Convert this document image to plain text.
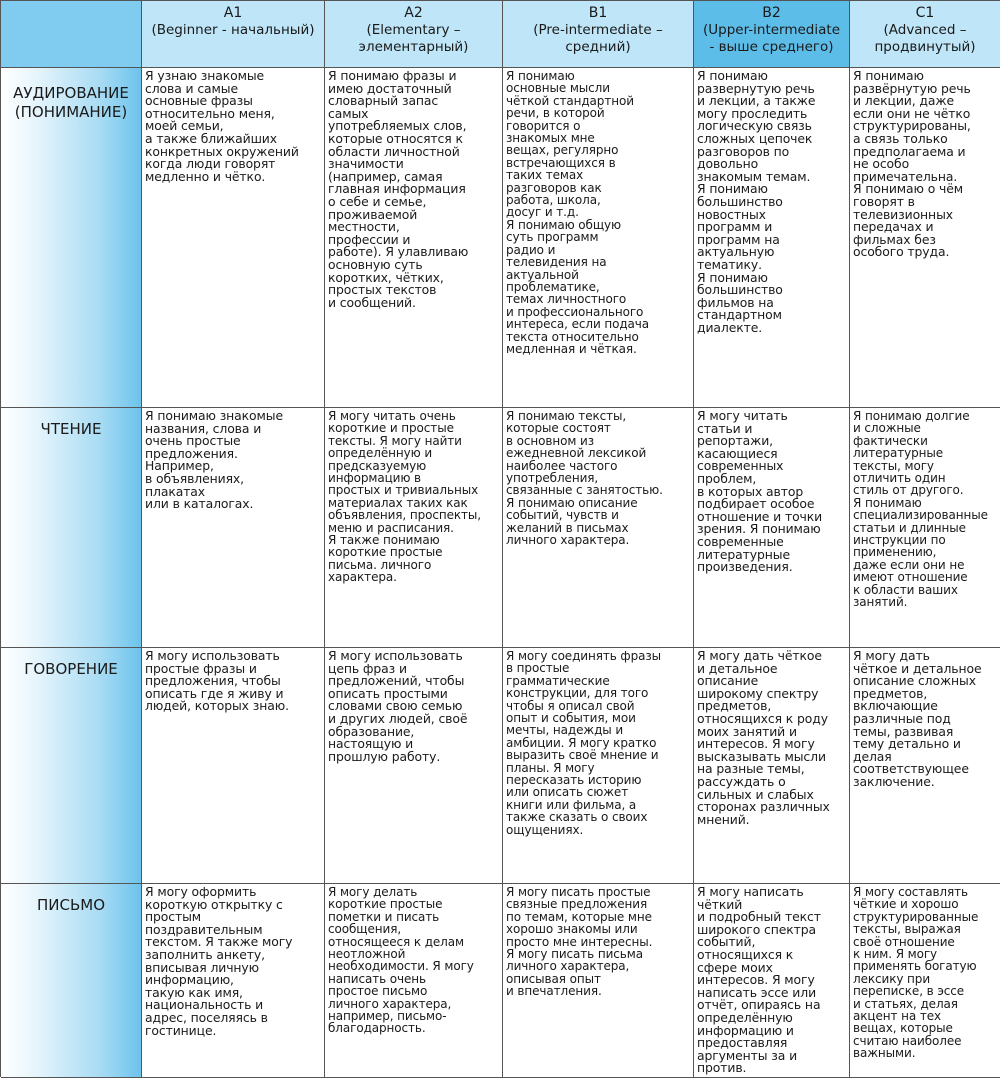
A1
(Beginner - начальный)
A2
(Elementary –
элементарный)
B1
(Pre-intermediate –
средний)
B2
(Upper-intermediate
- выше среднего)
C1
(Advanced –
продвинутый)
АУДИРОВАНИЕ
(ПОНИМАНИЕ)
Я узнаю знакомые
слова и самые
основные фразы
относительно меня,
моей семьи,
а также ближайших
конкретных окружений
когда люди говорят
медленно и чётко.
Я понимаю фразы и
имею достаточный
словарный запас
самых
употребляемых слов,
которые относятся к
области личностной
значимости
(например, самая
главная информация
о себе и семье,
проживаемой
местности,
профессии и
работе). Я улавливаю
основную суть
коротких, чётких,
простых текстов
и сообщений.
Я понимаю
основные мысли
чёткой стандартной
речи, в которой
говорится о
знакомых мне
вещах, регулярно
встречающихся в
таких темах
разговоров как
работа, школа,
досуг и т.д.
Я понимаю общую
суть программ
радио и
телевидения на
актуальной
проблематике,
темах личностного
и профессионального
интереса, если подача
текста относительно
медленная и чёткая.
Я понимаю
развернутую речь
и лекции, а также
могу проследить
логическую связь
сложных цепочек
разговоров по
довольно
знакомым темам.
Я понимаю
большинство
новостных
программ и
программ на
актуальную
тематику.
Я понимаю
большинство
фильмов на
стандартном
диалекте.
Я понимаю
развёрнутую речь
и лекции, даже
если они не чётко
структурированы,
а связь только
предполагаема и
не особо
примечательна.
Я понимаю о чём
говорят в
телевизионных
передачах и
фильмах без
особого труда.
ЧТЕНИЕ
Я понимаю знакомые
названия, слова и
очень простые
предложения.
Например,
в объявлениях,
плакатах
или в каталогах.
Я могу читать очень
короткие и простые
тексты. Я могу найти
определённую и
предсказуемую
информацию в
простых и тривиальных
материалах таких как
объявления, проспекты,
меню и расписания.
Я также понимаю
короткие простые
письма. личного
характера.
Я понимаю тексты,
которые состоят
в основном из
ежедневной лексикой
наиболее частого
употребления,
связанные с занятостью.
Я понимаю описание
событий, чувств и
желаний в письмах
личного характера.
Я могу читать
статьи и
репортажи,
касающиеся
современных
проблем,
в которых автор
подбирает особое
отношение и точки
зрения. Я понимаю
современные
литературные
произведения.
Я понимаю долгие
и сложные
фактически
литературные
тексты, могу
отличить один
стиль от другого.
Я понимаю
специализированные
статьи и длинные
инструкции по
применению,
даже если они не
имеют отношение
к области ваших
занятий.
ГОВОРЕНИЕ
Я могу использовать
простые фразы и
предложения, чтобы
описать где я живу и
людей, которых знаю.
Я могу использовать
цепь фраз и
предложений, чтобы
описать простыми
словами свою семью
и других людей, своё
образование,
настоящую и
прошлую работу.
Я могу соединять фразы
в простые
грамматические
конструкции, для того
чтобы я описал свой
опыт и события, мои
мечты, надежды и
амбиции. Я могу кратко
выразить своё мнение и
планы. Я могу
пересказать историю
или описать сюжет
книги или фильма, а
также сказать о своих
ощущениях.
Я могу дать чёткое
и детальное
описание
широкому спектру
предметов,
относящихся к роду
моих занятий и
интересов. Я могу
высказывать мысли
на разные темы,
рассуждать о
сильных и слабых
сторонах различных
мнений.
Я могу дать
чёткое и детальное
описание сложных
предметов,
включающие
различные под
темы, развивая
тему детально и
делая
соответствующее
заключение.
ПИСЬМО
Я могу оформить
короткую открытку с
простым
поздравительным
текстом. Я также могу
заполнить анкету,
вписывая личную
информацию,
такую как имя,
национальность и
адрес, поселяясь в
гостинице.
Я могу делать
короткие простые
пометки и писать
сообщения,
относящееся к делам
неотложной
необходимости. Я могу
написать очень
простое письмо
личного характера,
например, письмо-
благодарность.
Я могу писать простые
связные предложения
по темам, которые мне
хорошо знакомы или
просто мне интересны.
Я могу писать письма
личного характера,
описывая опыт
и впечатления.
Я могу написать
чёткий
и подробный текст
широкого спектра
событий,
относящихся к
сфере моих
интересов. Я могу
написать эссе или
отчёт, опираясь на
определённую
информацию и
предоставляя
аргументы за и
против.
Я могу составлять
чёткие и хорошо
структурированные
тексты, выражая
своё отношение
к ним. Я могу
применять богатую
лексику при
переписке, в эссе
и статьях, делая
акцент на тех
вещах, которые
считаю наиболее
важными.
